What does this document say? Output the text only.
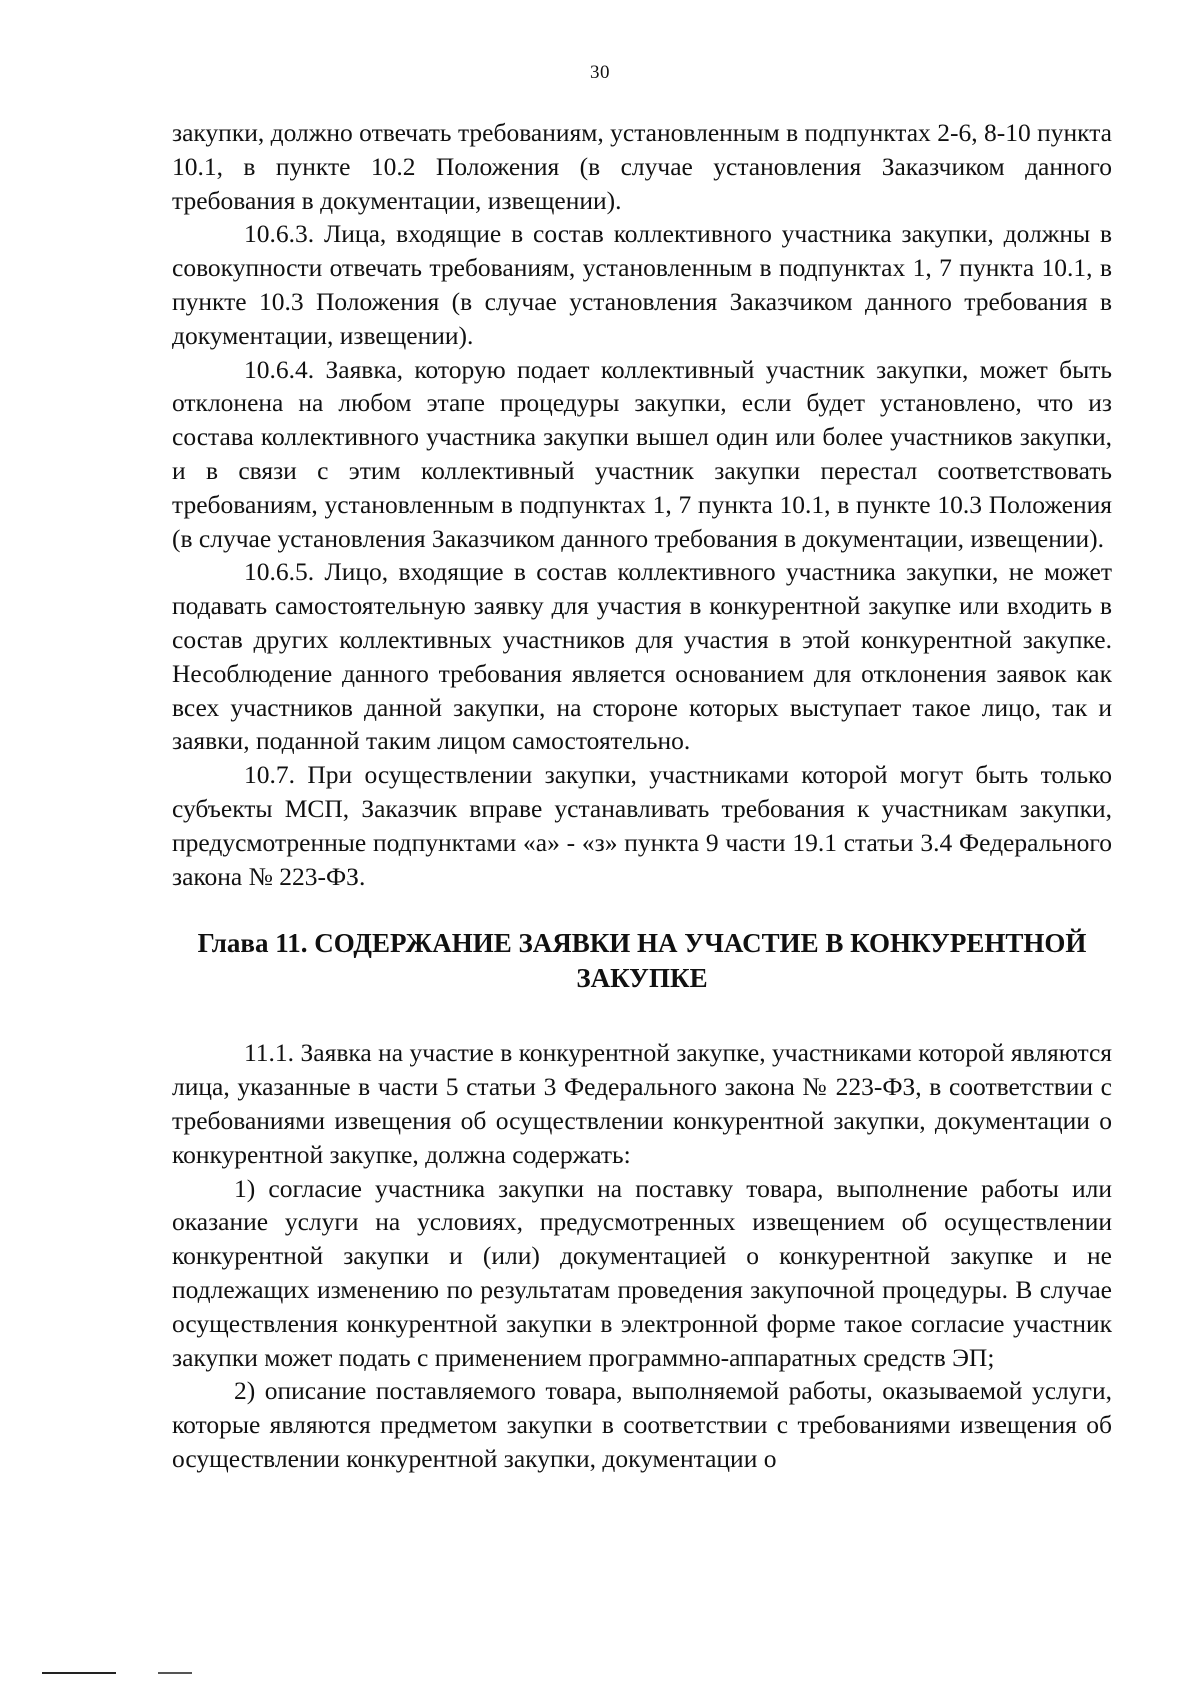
30

закупки, должно отвечать требованиям, установленным в подпунктах 2-6, 8-10 пункта 10.1, в пункте 10.2 Положения (в случае установления Заказчиком данного требования в документации, извещении).

10.6.3. Лица, входящие в состав коллективного участника закупки, должны в совокупности отвечать требованиям, установленным в подпунктах 1, 7 пункта 10.1, в пункте 10.3 Положения (в случае установления Заказчиком данного требования в документации, извещении).

10.6.4. Заявка, которую подает коллективный участник закупки, может быть отклонена на любом этапе процедуры закупки, если будет установлено, что из состава коллективного участника закупки вышел один или более участников закупки, и в связи с этим коллективный участник закупки перестал соответствовать требованиям, установленным в подпунктах 1, 7 пункта 10.1, в пункте 10.3 Положения (в случае установления Заказчиком данного требования в документации, извещении).

10.6.5. Лицо, входящие в состав коллективного участника закупки, не может подавать самостоятельную заявку для участия в конкурентной закупке или входить в состав других коллективных участников для участия в этой конкурентной закупке. Несоблюдение данного требования является основанием для отклонения заявок как всех участников данной закупки, на стороне которых выступает такое лицо, так и заявки, поданной таким лицом самостоятельно.

10.7. При осуществлении закупки, участниками которой могут быть только субъекты МСП, Заказчик вправе устанавливать требования к участникам закупки, предусмотренные подпунктами «а» - «з» пункта 9 части 19.1 статьи 3.4 Федерального закона № 223-ФЗ.

Глава 11. СОДЕРЖАНИЕ ЗАЯВКИ НА УЧАСТИЕ В КОНКУРЕНТНОЙ ЗАКУПКЕ

11.1. Заявка на участие в конкурентной закупке, участниками которой являются лица, указанные в части 5 статьи 3 Федерального закона № 223-ФЗ, в соответствии с требованиями извещения об осуществлении конкурентной закупки, документации о конкурентной закупке, должна содержать:

1) согласие участника закупки на поставку товара, выполнение работы или оказание услуги на условиях, предусмотренных извещением об осуществлении конкурентной закупки и (или) документацией о конкурентной закупке и не подлежащих изменению по результатам проведения закупочной процедуры. В случае осуществления конкурентной закупки в электронной форме такое согласие участник закупки может подать с применением программно-аппаратных средств ЭП;

2) описание поставляемого товара, выполняемой работы, оказываемой услуги, которые являются предметом закупки в соответствии с требованиями извещения об осуществлении конкурентной закупки, документации о
